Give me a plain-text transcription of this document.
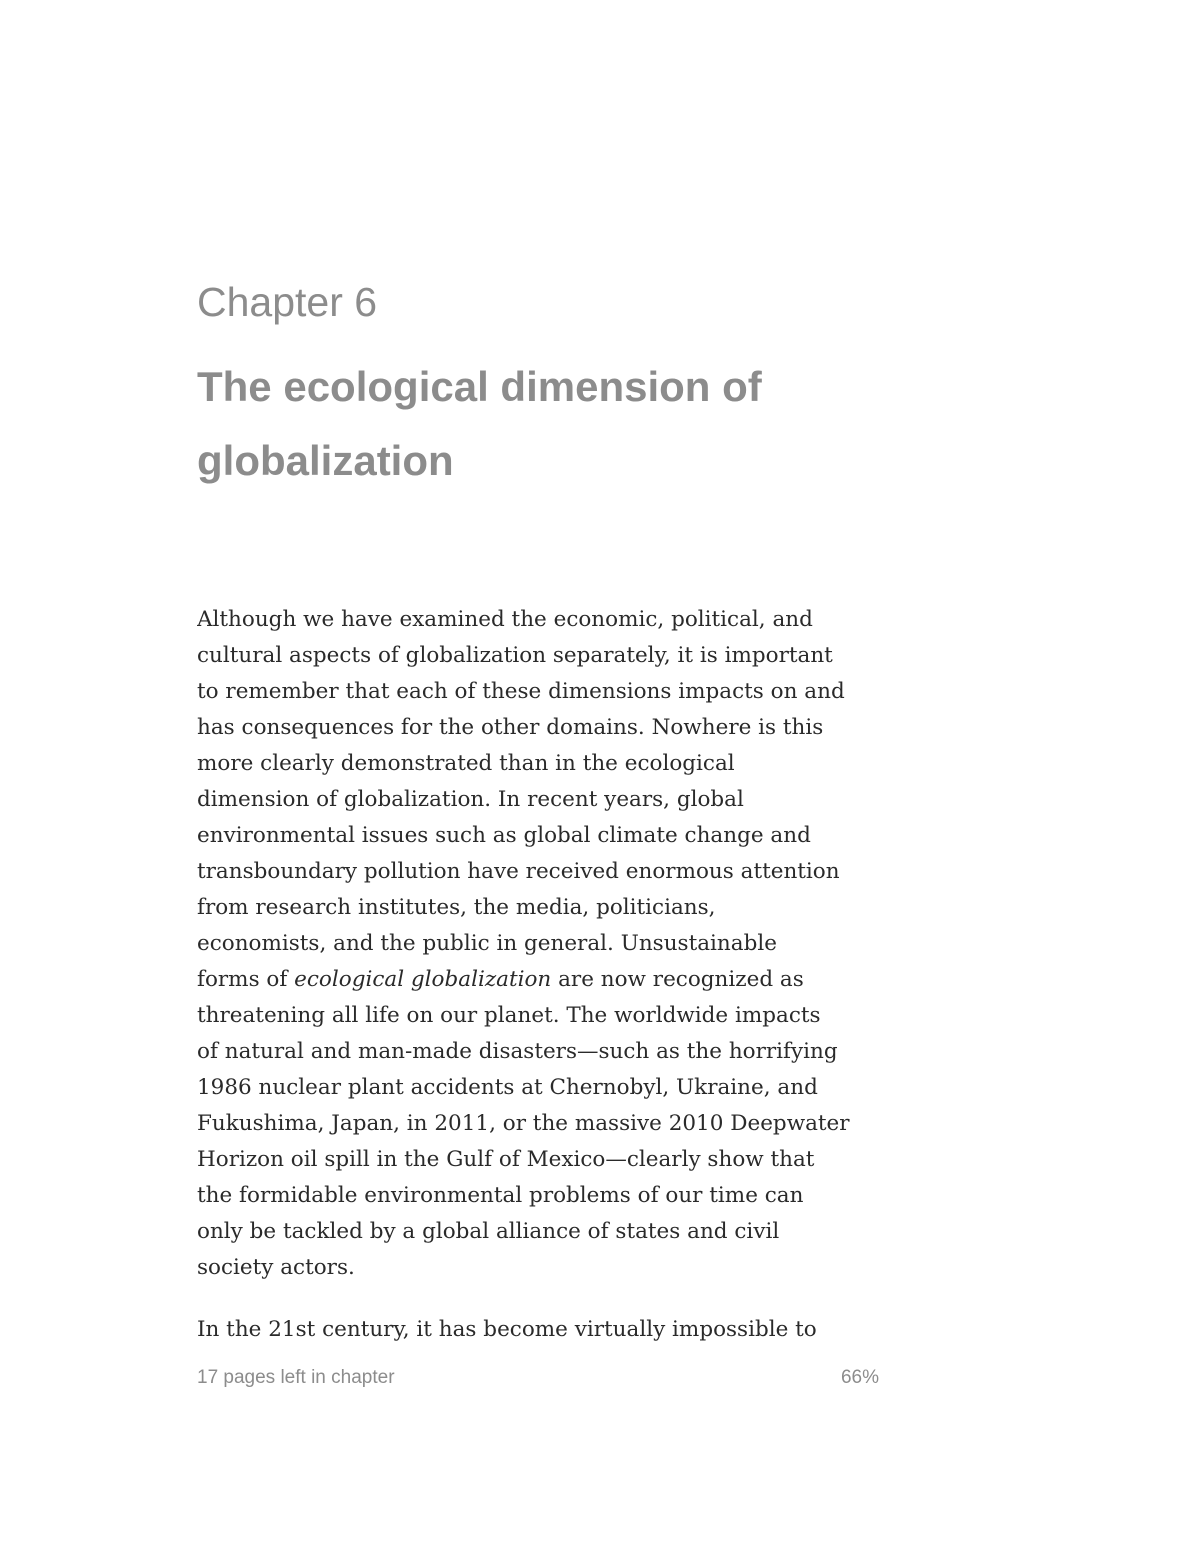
Chapter 6
The ecological dimension of globalization

Although we have examined the economic, political, and
cultural aspects of globalization separately, it is important
to remember that each of these dimensions impacts on and
has consequences for the other domains. Nowhere is this
more clearly demonstrated than in the ecological
dimension of globalization. In recent years, global
environmental issues such as global climate change and
transboundary pollution have received enormous attention
from research institutes, the media, politicians,
economists, and the public in general. Unsustainable
forms of ecological globalization are now recognized as
threatening all life on our planet. The worldwide impacts
of natural and man-made disasters—such as the horrifying
1986 nuclear plant accidents at Chernobyl, Ukraine, and
Fukushima, Japan, in 2011, or the massive 2010 Deepwater
Horizon oil spill in the Gulf of Mexico—clearly show that
the formidable environmental problems of our time can
only be tackled by a global alliance of states and civil
society actors.

In the 21st century, it has become virtually impossible to

17 pages left in chapter	66%
